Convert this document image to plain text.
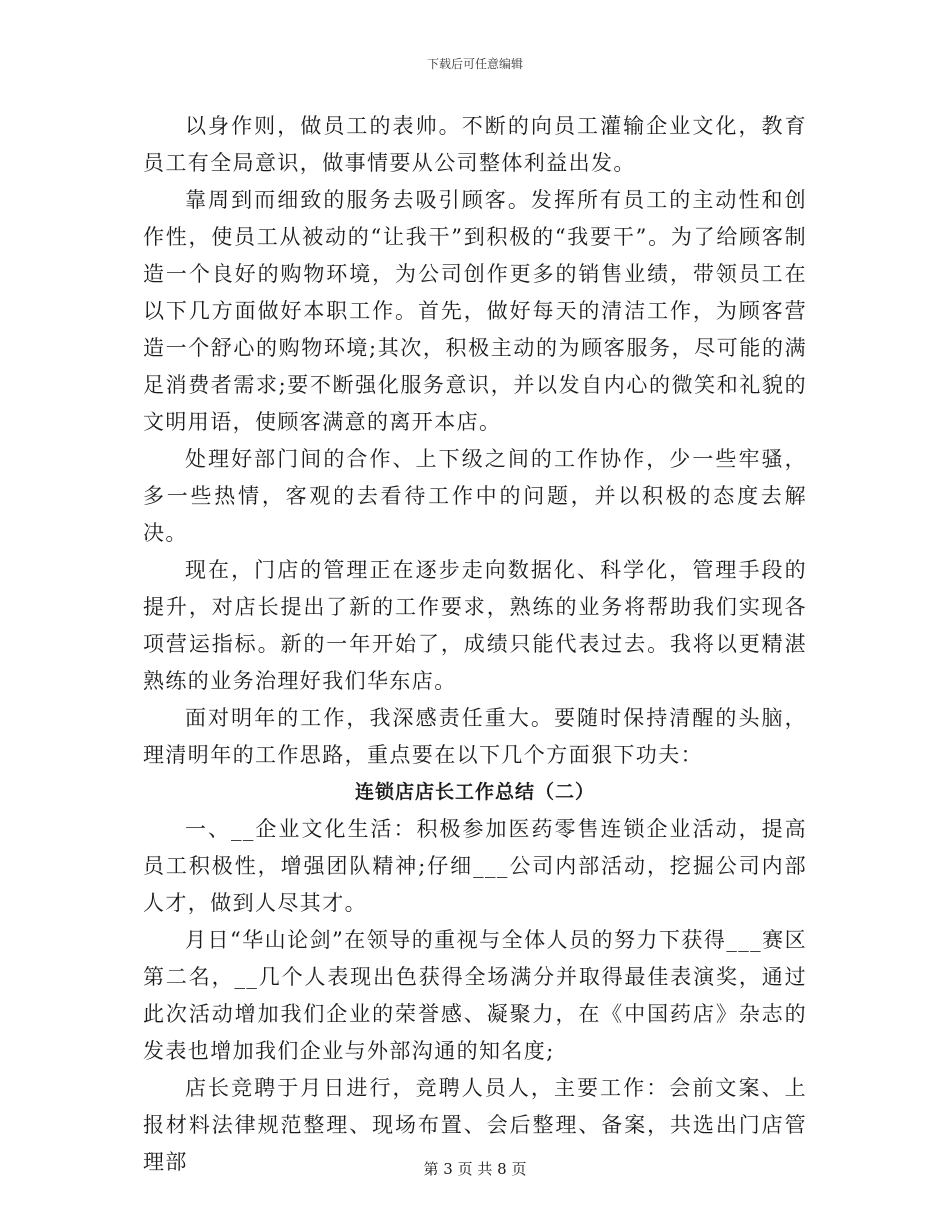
下载后可任意编辑

以身作则，做员工的表帅。不断的向员工灌输企业文化，教育员工有全局意识，做事情要从公司整体利益出发。

靠周到而细致的服务去吸引顾客。发挥所有员工的主动性和创作性，使员工从被动的“让我干”到积极的“我要干”。为了给顾客制造一个良好的购物环境，为公司创作更多的销售业绩，带领员工在以下几方面做好本职工作。首先，做好每天的清洁工作，为顾客营造一个舒心的购物环境;其次，积极主动的为顾客服务，尽可能的满足消费者需求;要不断强化服务意识，并以发自内心的微笑和礼貌的文明用语，使顾客满意的离开本店。

处理好部门间的合作、上下级之间的工作协作，少一些牢骚，多一些热情，客观的去看待工作中的问题，并以积极的态度去解决。

现在，门店的管理正在逐步走向数据化、科学化，管理手段的提升，对店长提出了新的工作要求，熟练的业务将帮助我们实现各项营运指标。新的一年开始了，成绩只能代表过去。我将以更精湛熟练的业务治理好我们华东店。

面对明年的工作，我深感责任重大。要随时保持清醒的头脑，理清明年的工作思路，重点要在以下几个方面狠下功夫：

连锁店店长工作总结（二）

一、__企业文化生活：积极参加医药零售连锁企业活动，提高员工积极性，增强团队精神;仔细___公司内部活动，挖掘公司内部人才，做到人尽其才。

月日“华山论剑”在领导的重视与全体人员的努力下获得___赛区第二名，__几个人表现出色获得全场满分并取得最佳表演奖，通过此次活动增加我们企业的荣誉感、凝聚力，在《中国药店》杂志的发表也增加我们企业与外部沟通的知名度;

店长竞聘于月日进行，竞聘人员人，主要工作：会前文案、上报材料法律规范整理、现场布置、会后整理、备案，共选出门店管理部	第 3 页 共 8 页
